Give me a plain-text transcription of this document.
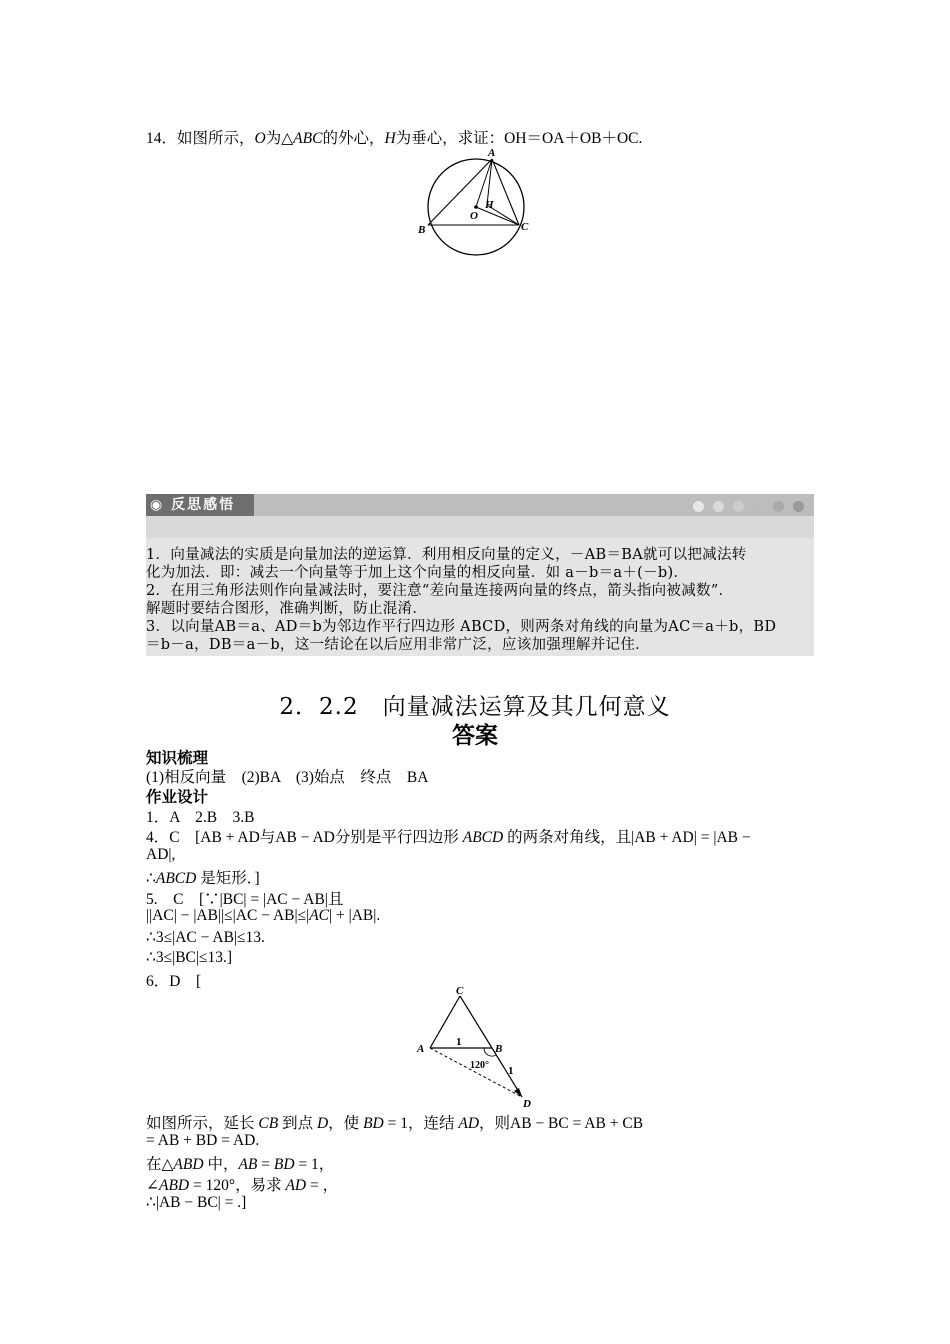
14．如图所示，O为△ABC的外心，H为垂心，求证：OH＝OA＋OB＋OC.
A
B	C
O
H
◉ 反思感悟
1．向量减法的实质是向量加法的逆运算．利用相反向量的定义，－AB＝BA就可以把减法转
化为加法．即：减去一个向量等于加上这个向量的相反向量．如 a－b＝a＋(－b)．
2．在用三角形法则作向量减法时，要注意“差向量连接两向量的终点，箭头指向被减数”．
解题时要结合图形，准确判断，防止混淆．
3．以向量AB＝a、AD＝b为邻边作平行四边形 ABCD，则两条对角线的向量为AC＝a＋b，BD
＝b－a，DB＝a－b，这一结论在以后应用非常广泛，应该加强理解并记住．
2．2.2　向量减法运算及其几何意义
答案
知识梳理
(1)相反向量　(2)BA　(3)始点　终点　BA
作业设计
1．A　2.B　3.B
4．C　[AB + AD与AB − AD分别是平行四边形 ABCD 的两条对角线，且|AB + AD| = |AB −
AD|,
∴ABCD 是矩形．]
5.　C　[∵|BC| = |AC − AB|且
||AC| − |AB||≤|AC − AB|≤|AC| + |AB|.
∴3≤|AC − AB|≤13.
∴3≤|BC|≤13.]
6．D　[
C
A	B
D
1
120° 1
如图所示，延长 CB 到点 D，使 BD = 1，连结 AD，则AB − BC = AB + CB
= AB + BD = AD.
在△ABD 中，AB = BD = 1，
∠ABD = 120°，易求 AD = ，
∴|AB − BC| = .]
